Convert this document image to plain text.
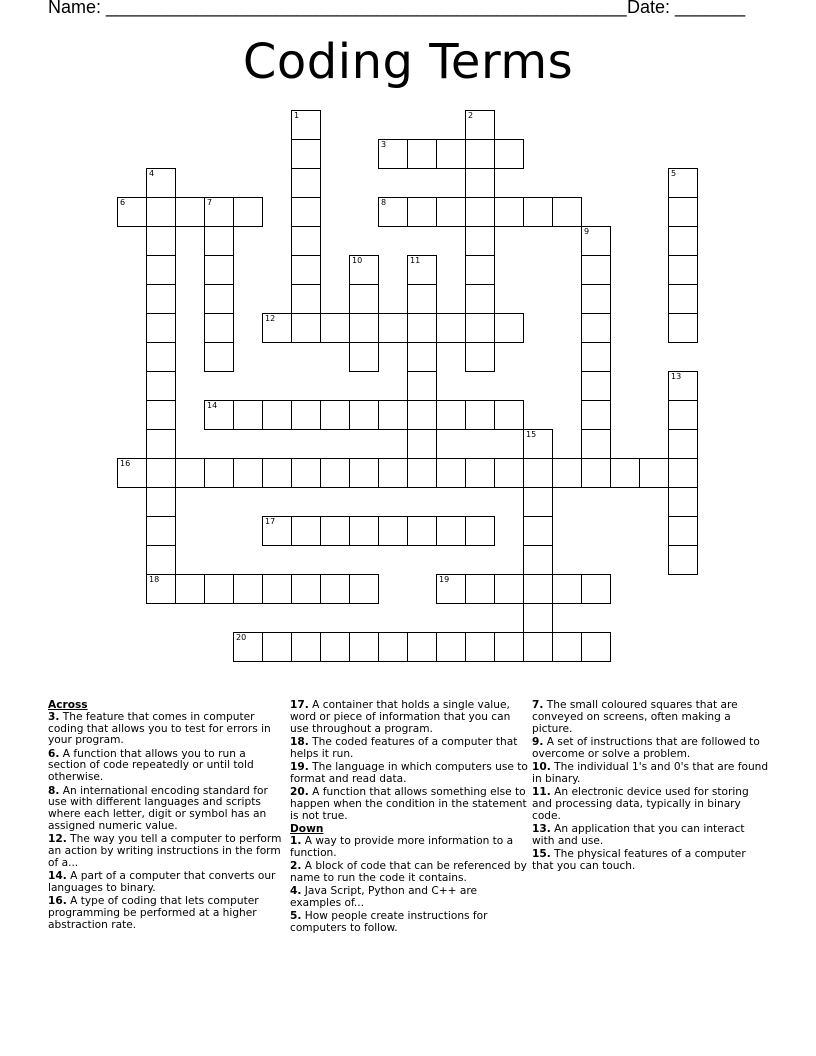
Name: ____________________________________________________ Date: _______
Coding Terms
3
6	7	8
12
14
16
17
18	19
20
1	2
4	5
9
10	11
13
15

Across

3. The feature that comes in computer coding that allows you to test for errors in your program.

6. A function that allows you to run a section of code repeatedly or until told otherwise.

8. An international encoding standard for use with different languages and scripts where each letter, digit or symbol has an assigned numeric value.

12. The way you tell a computer to perform an action by writing instructions in the form of a...

14. A part of a computer that converts our languages to binary.

16. A type of coding that lets computer programming be performed at a higher abstraction rate.

17. A container that holds a single value, word or piece of information that you can use throughout a program.

18. The coded features of a computer that helps it run.

19. The language in which computers use to format and read data.

20. A function that allows something else to happen when the condition in the statement is not true.

Down

1. A way to provide more information to a function.

2. A block of code that can be referenced by name to run the code it contains.

4. Java Script, Python and C++ are examples of...

5. How people create instructions for computers to follow.

7. The small coloured squares that are conveyed on screens, often making a picture.

9. A set of instructions that are followed to overcome or solve a problem.

10. The individual 1's and 0's that are found in binary.

11. An electronic device used for storing and processing data, typically in binary code.

13. An application that you can interact with and use.

15. The physical features of a computer that you can touch.
